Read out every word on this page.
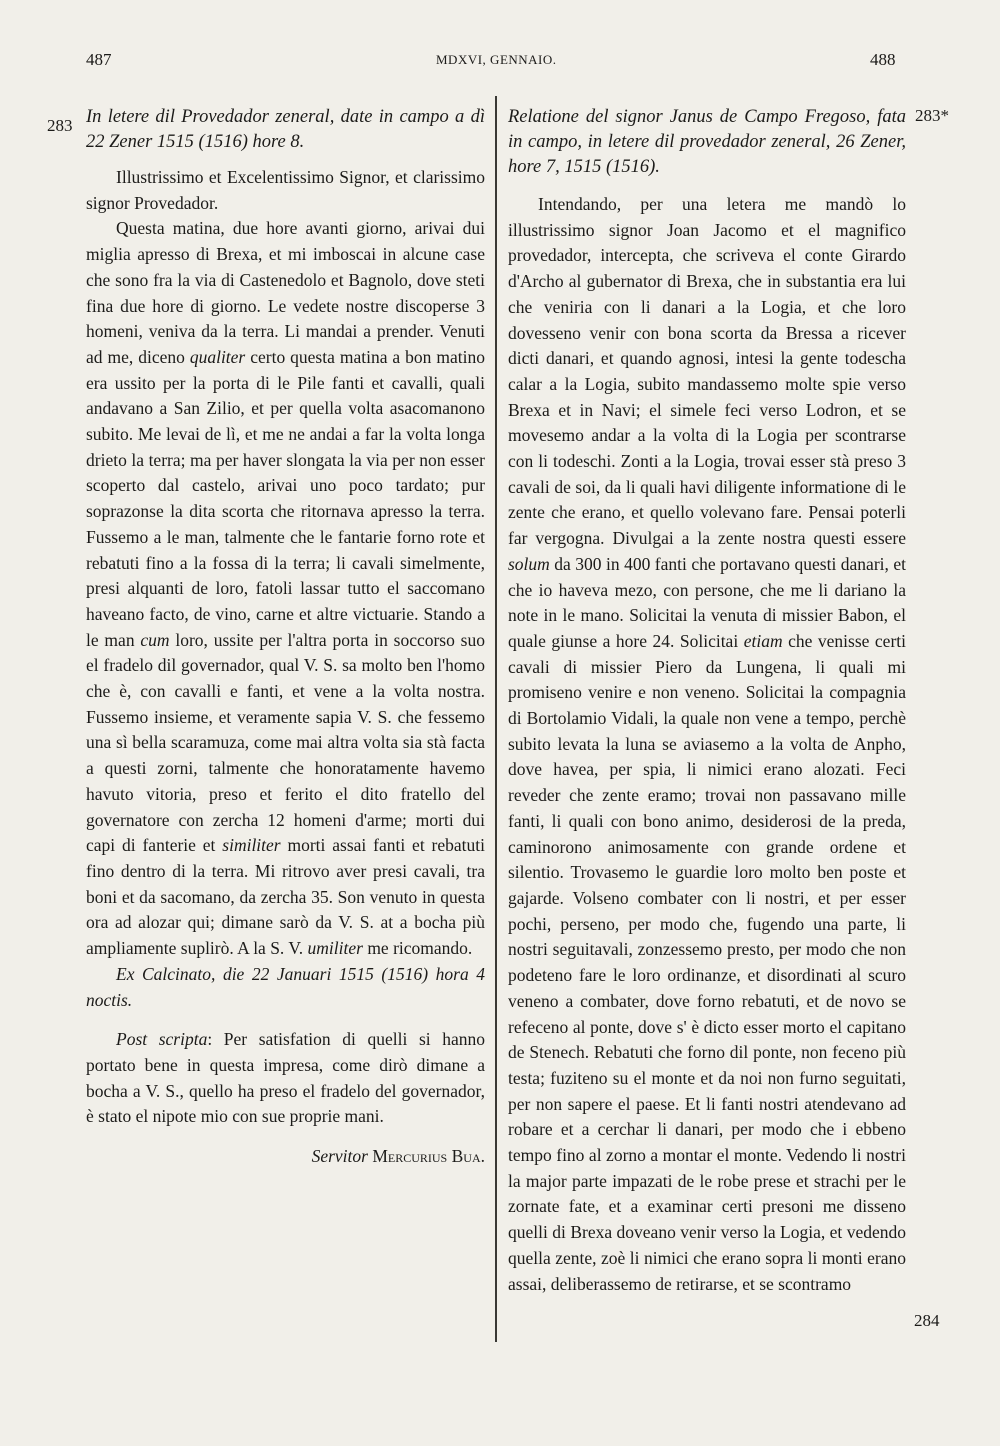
487	MDXVI, GENNAIO.	488
283
283*
284

In letere dil Provedador zeneral, date in campo a dì 22 Zener 1515 (1516) hore 8.

Illustrissimo et Excelentissimo Signor, et clarissimo signor Provedador.

Questa matina, due hore avanti giorno, arivai dui miglia apresso di Brexa, et mi imboscai in alcune case che sono fra la via di Castenedolo et Bagnolo, dove steti fina due hore di giorno. Le vedete nostre discoperse 3 homeni, veniva da la terra. Li mandai a prender. Venuti ad me, diceno qualiter certo questa matina a bon matino era ussito per la porta di le Pile fanti et cavalli, quali andavano a San Zilio, et per quella volta asacomanono subito. Me levai de lì, et me ne andai a far la volta longa drieto la terra; ma per haver slongata la via per non esser scoperto dal castelo, arivai uno poco tardato; pur soprazonse la dita scorta che ritornava apresso la terra. Fussemo a le man, talmente che le fantarie forno rote et rebatuti fino a la fossa di la terra; li cavali simelmente, presi alquanti de loro, fatoli lassar tutto el saccomano haveano facto, de vino, carne et altre victuarie. Stando a le man cum loro, ussite per l'altra porta in soccorso suo el fradelo dil governador, qual V. S. sa molto ben l'homo che è, con cavalli e fanti, et vene a la volta nostra. Fussemo insieme, et veramente sapia V. S. che fessemo una sì bella scaramuza, come mai altra volta sia stà facta a questi zorni, talmente che honoratamente havemo havuto vitoria, preso et ferito el dito fratello del governatore con zercha 12 homeni d'arme; morti dui capi di fanterie et similiter morti assai fanti et rebatuti fino dentro di la terra. Mi ritrovo aver presi cavali, tra boni et da sacomano, da zercha 35. Son venuto in questa ora ad alozar qui; dimane sarò da V. S. at a bocha più ampliamente suplirò. A la S. V. umiliter me ricomando.

Ex Calcinato, die 22 Januari 1515 (1516) hora 4 noctis.

Post scripta: Per satisfation di quelli si hanno portato bene in questa impresa, come dirò dimane a bocha a V. S., quello ha preso el fradelo del governador, è stato el nipote mio con sue proprie mani.

Servitor Mercurius Bua.

Relatione del signor Janus de Campo Fregoso, fata in campo, in letere dil provedador zeneral, 26 Zener, hore 7, 1515 (1516).

Intendando, per una letera me mandò lo illustrissimo signor Joan Jacomo et el magnifico provedador, intercepta, che scriveva el conte Girardo d'Archo al gubernator di Brexa, che in substantia era lui che veniria con li danari a la Logia, et che loro dovesseno venir con bona scorta da Bressa a ricever dicti danari, et quando agnosi, intesi la gente todescha calar a la Logia, subito mandassemo molte spie verso Brexa et in Navi; el simele feci verso Lodron, et se movesemo andar a la volta di la Logia per scontrarse con li todeschi. Zonti a la Logia, trovai esser stà preso 3 cavali de soi, da li quali havi diligente informatione di le zente che erano, et quello volevano fare. Pensai poterli far vergogna. Divulgai a la zente nostra questi essere solum da 300 in 400 fanti che portavano questi danari, et che io haveva mezo, con persone, che me li dariano la note in le mano. Solicitai la venuta di missier Babon, el quale giunse a hore 24. Solicitai etiam che venisse certi cavali di missier Piero da Lungena, li quali mi promiseno venire e non veneno. Solicitai la compagnia di Bortolamio Vidali, la quale non vene a tempo, perchè subito levata la luna se aviasemo a la volta de Anpho, dove havea, per spia, li nimici erano alozati. Feci reveder che zente eramo; trovai non passavano mille fanti, li quali con bono animo, desiderosi de la preda, caminorono animosamente con grande ordene et silentio. Trovasemo le guardie loro molto ben poste et gajarde. Volseno combater con li nostri, et per esser pochi, perseno, per modo che, fugendo una parte, li nostri seguitavali, zonzessemo presto, per modo che non podeteno fare le loro ordinanze, et disordinati al scuro veneno a combater, dove forno rebatuti, et de novo se refeceno al ponte, dove s' è dicto esser morto el capitano de Stenech. Rebatuti che forno dil ponte, non feceno più testa; fuziteno su el monte et da noi non furno seguitati, per non sapere el paese. Et li fanti nostri atendevano ad robare et a cerchar li danari, per modo che i ebbeno tempo fino al zorno a montar el monte. Vedendo li nostri la major parte impazati de le robe prese et strachi per le zornate fate, et a examinar certi presoni me disseno quelli di Brexa doveano venir verso la Logia, et vedendo quella zente, zoè li nimici che erano sopra li monti erano assai, deliberassemo de retirarse, et se scontramo
